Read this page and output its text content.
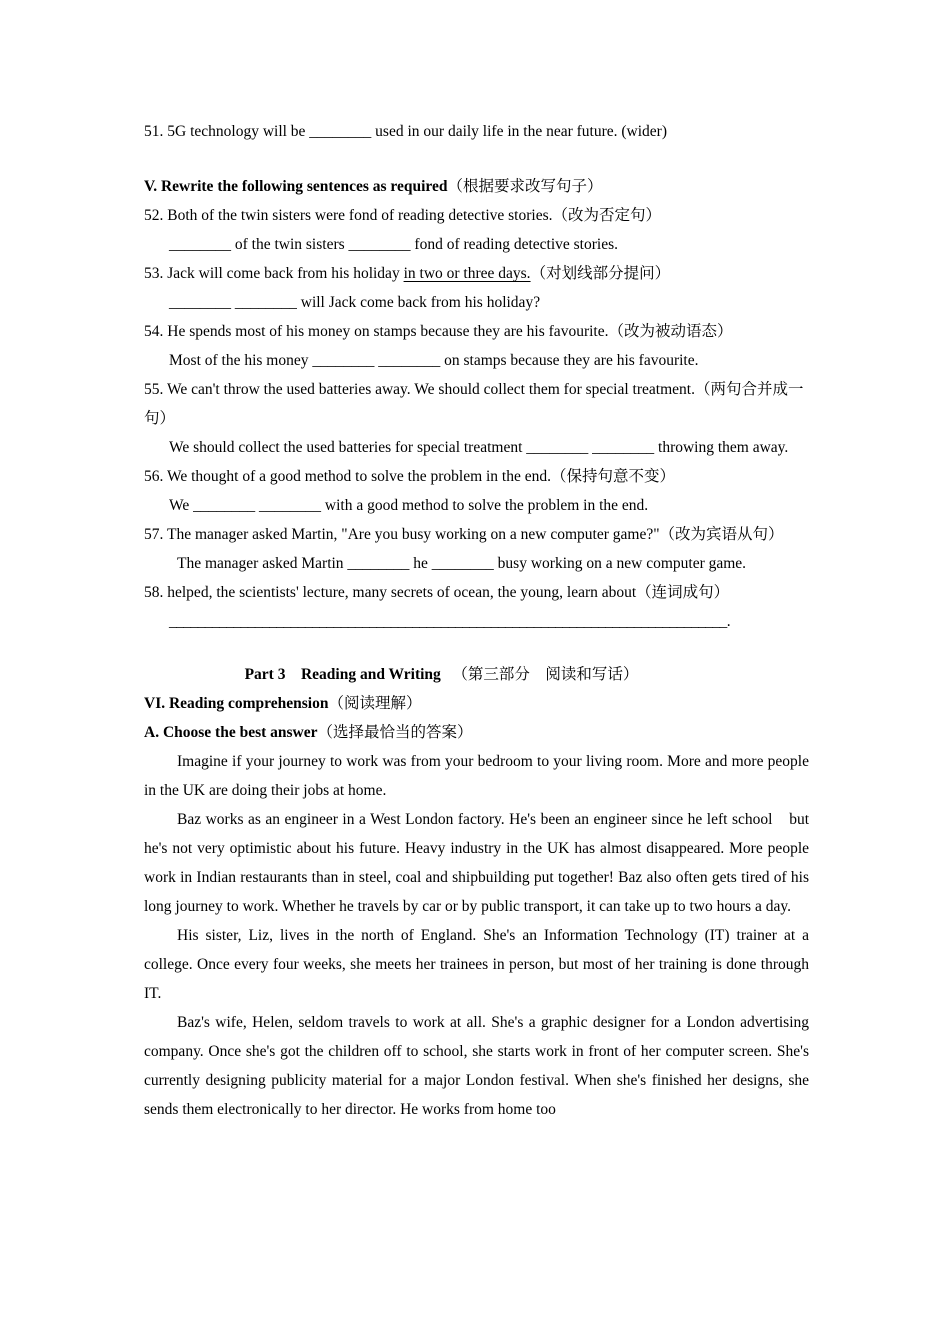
51. 5G technology will be ________ used in our daily life in the near future. (wider)
V. Rewrite the following sentences as required（根据要求改写句子）
52. Both of the twin sisters were fond of reading detective stories.（改为否定句）
________ of the twin sisters ________ fond of reading detective stories.
53. Jack will come back from his holiday in two or three days.（对划线部分提问）
________ ________ will Jack come back from his holiday?
54. He spends most of his money on stamps because they are his favourite.（改为被动语态）
Most of the his money ________ ________ on stamps because they are his favourite.
55. We can't throw the used batteries away. We should collect them for special treatment.（两句合并成一句）
We should collect the used batteries for special treatment ________ ________ throwing them away.
56. We thought of a good method to solve the problem in the end.（保持句意不变）
We ________ ________ with a good method to solve the problem in the end.
57. The manager asked Martin, "Are you busy working on a new computer game?"（改为宾语从句）
The manager asked Martin ________ he ________ busy working on a new computer game.
58. helped, the scientists' lecture, many secrets of ocean, the young, learn about（连词成句）
______________________________________________________________________________.
Part 3 Reading and Writing （第三部分　阅读和写话）
VI. Reading comprehension（阅读理解）
A. Choose the best answer（选择最恰当的答案）
Imagine if your journey to work was from your bedroom to your living room. More and more people in the UK are doing their jobs at home.
Baz works as an engineer in a West London factory. He's been an engineer since he left school　but he's not very optimistic about his future. Heavy industry in the UK has almost disappeared. More people work in Indian restaurants than in steel, coal and shipbuilding put together! Baz also often gets tired of his long journey to work. Whether he travels by car or by public transport, it can take up to two hours a day.
His sister, Liz, lives in the north of England. She's an Information Technology (IT) trainer at a college. Once every four weeks, she meets her trainees in person, but most of her training is done through IT.
Baz's wife, Helen, seldom travels to work at all. She's a graphic designer for a London advertising company. Once she's got the children off to school, she starts work in front of her computer screen. She's currently designing publicity material for a major London festival. When she's finished her designs, she sends them electronically to her director. He works from home too
